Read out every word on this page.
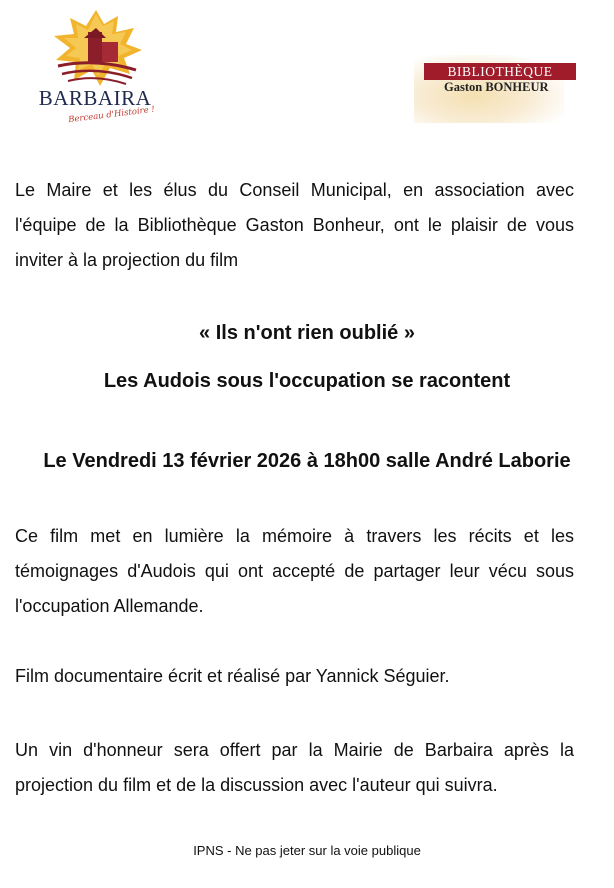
BARBAIRA
Berceau d'Histoire !
BIBLIOTHÈQUE
Gaston BONHEUR
Le Maire et les élus du Conseil Municipal, en association avec l'équipe de la Bibliothèque Gaston Bonheur, ont le plaisir de vous inviter à la projection du film
« Ils n'ont rien oublié »
Les Audois sous l'occupation se racontent
Le Vendredi 13 février 2026 à 18h00 salle André Laborie
Ce film met en lumière la mémoire à travers les récits et les témoignages d'Audois qui ont accepté de partager leur vécu sous l'occupation Allemande.
Film documentaire écrit et réalisé par Yannick Séguier.
Un vin d'honneur sera offert par la Mairie de Barbaira après la projection du film et de la discussion avec l'auteur qui suivra.
IPNS - Ne pas jeter sur la voie publique
